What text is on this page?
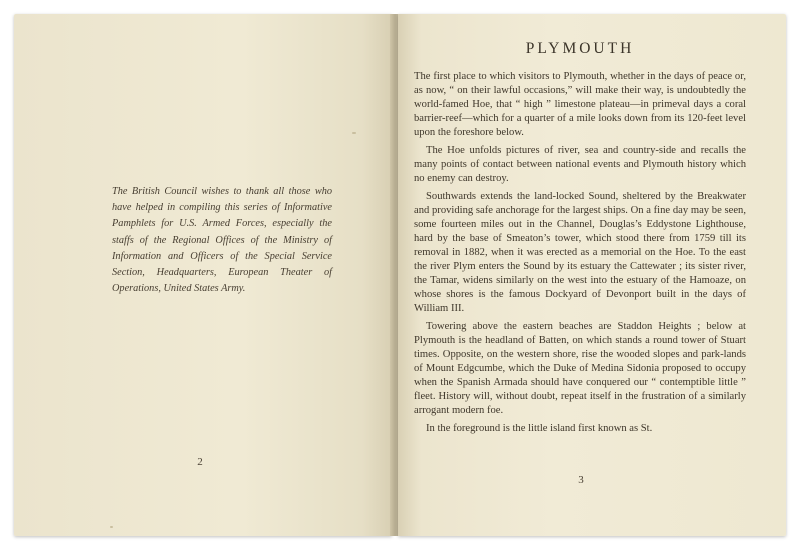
The British Council wishes to thank all those who have helped in compiling this series of Informative Pamphlets for U.S. Armed Forces, especially the staffs of the Regional Offices of the Ministry of Information and Officers of the Special Service Section, Headquarters, European Theater of Operations, United States Army.
2
PLYMOUTH

The first place to which visitors to Plymouth, whether in the days of peace or, as now, “ on their lawful occasions,” will make their way, is undoubtedly the world-famed Hoe, that “ high ” limestone plateau—in primeval days a coral barrier-reef—which for a quarter of a mile looks down from its 120-feet level upon the foreshore below.

The Hoe unfolds pictures of river, sea and country-side and recalls the many points of contact between national events and Plymouth history which no enemy can destroy.

Southwards extends the land-locked Sound, sheltered by the Breakwater and providing safe anchorage for the largest ships. On a fine day may be seen, some fourteen miles out in the Channel, Douglas’s Eddystone Lighthouse, hard by the base of Smeaton’s tower, which stood there from 1759 till its removal in 1882, when it was erected as a memorial on the Hoe. To the east the river Plym enters the Sound by its estuary the Cattewater ; its sister river, the Tamar, widens similarly on the west into the estuary of the Hamoaze, on whose shores is the famous Dockyard of Devonport built in the days of William III.

Towering above the eastern beaches are Staddon Heights ; below at Plymouth is the headland of Batten, on which stands a round tower of Stuart times. Opposite, on the western shore, rise the wooded slopes and park-lands of Mount Edgcumbe, which the Duke of Medina Sidonia proposed to occupy when the Spanish Armada should have conquered our “ contemptible little ” fleet. History will, without doubt, repeat itself in the frustration of a similarly arrogant modern foe.

In the foreground is the little island first known as St.

3
